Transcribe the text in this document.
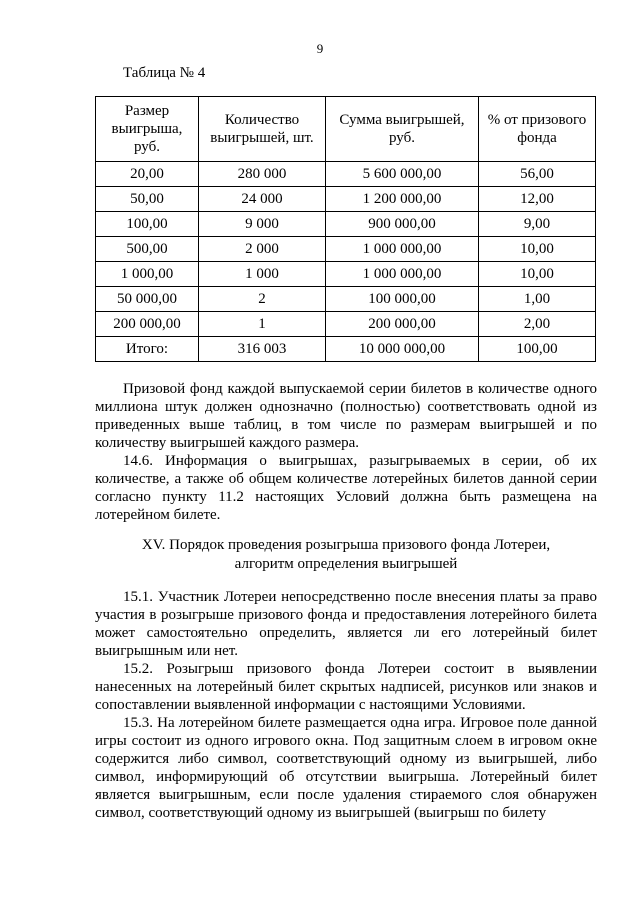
9
Таблица № 4
Размер выигрыша, руб.	Количество выигрышей, шт.	Сумма выигрышей, руб.	% от призового фонда
20,00	280 000	5 600 000,00	56,00
50,00	24 000	1 200 000,00	12,00
100,00	9 000	900 000,00	9,00
500,00	2 000	1 000 000,00	10,00
1 000,00	1 000	1 000 000,00	10,00
50 000,00	2	100 000,00	1,00
200 000,00	1	200 000,00	2,00
Итого:	316 003	10 000 000,00	100,00

Призовой фонд каждой выпускаемой серии билетов в количестве одного миллиона штук должен однозначно (полностью) соответствовать одной из приведенных выше таблиц, в том числе по размерам выигрышей и по количеству выигрышей каждого размера.

14.6. Информация о выигрышах, разыгрываемых в серии, об их количестве, а также об общем количестве лотерейных билетов данной серии согласно пункту 11.2 настоящих Условий должна быть размещена на лотерейном билете.

XV. Порядок проведения розыгрыша призового фонда Лотереи,
алгоритм определения выигрышей

15.1. Участник Лотереи непосредственно после внесения платы за право участия в розыгрыше призового фонда и предоставления лотерейного билета может самостоятельно определить, является ли его лотерейный билет выигрышным или нет.

15.2. Розыгрыш призового фонда Лотереи состоит в выявлении нанесенных на лотерейный билет скрытых надписей, рисунков или знаков и сопоставлении выявленной информации с настоящими Условиями.

15.3. На лотерейном билете размещается одна игра. Игровое поле данной игры состоит из одного игрового окна. Под защитным слоем в игровом окне содержится либо символ, соответствующий одному из выигрышей, либо символ, информирующий об отсутствии выигрыша. Лотерейный билет является выигрышным, если после удаления стираемого слоя обнаружен символ, соответствующий одному из выигрышей (выигрыш по билету
